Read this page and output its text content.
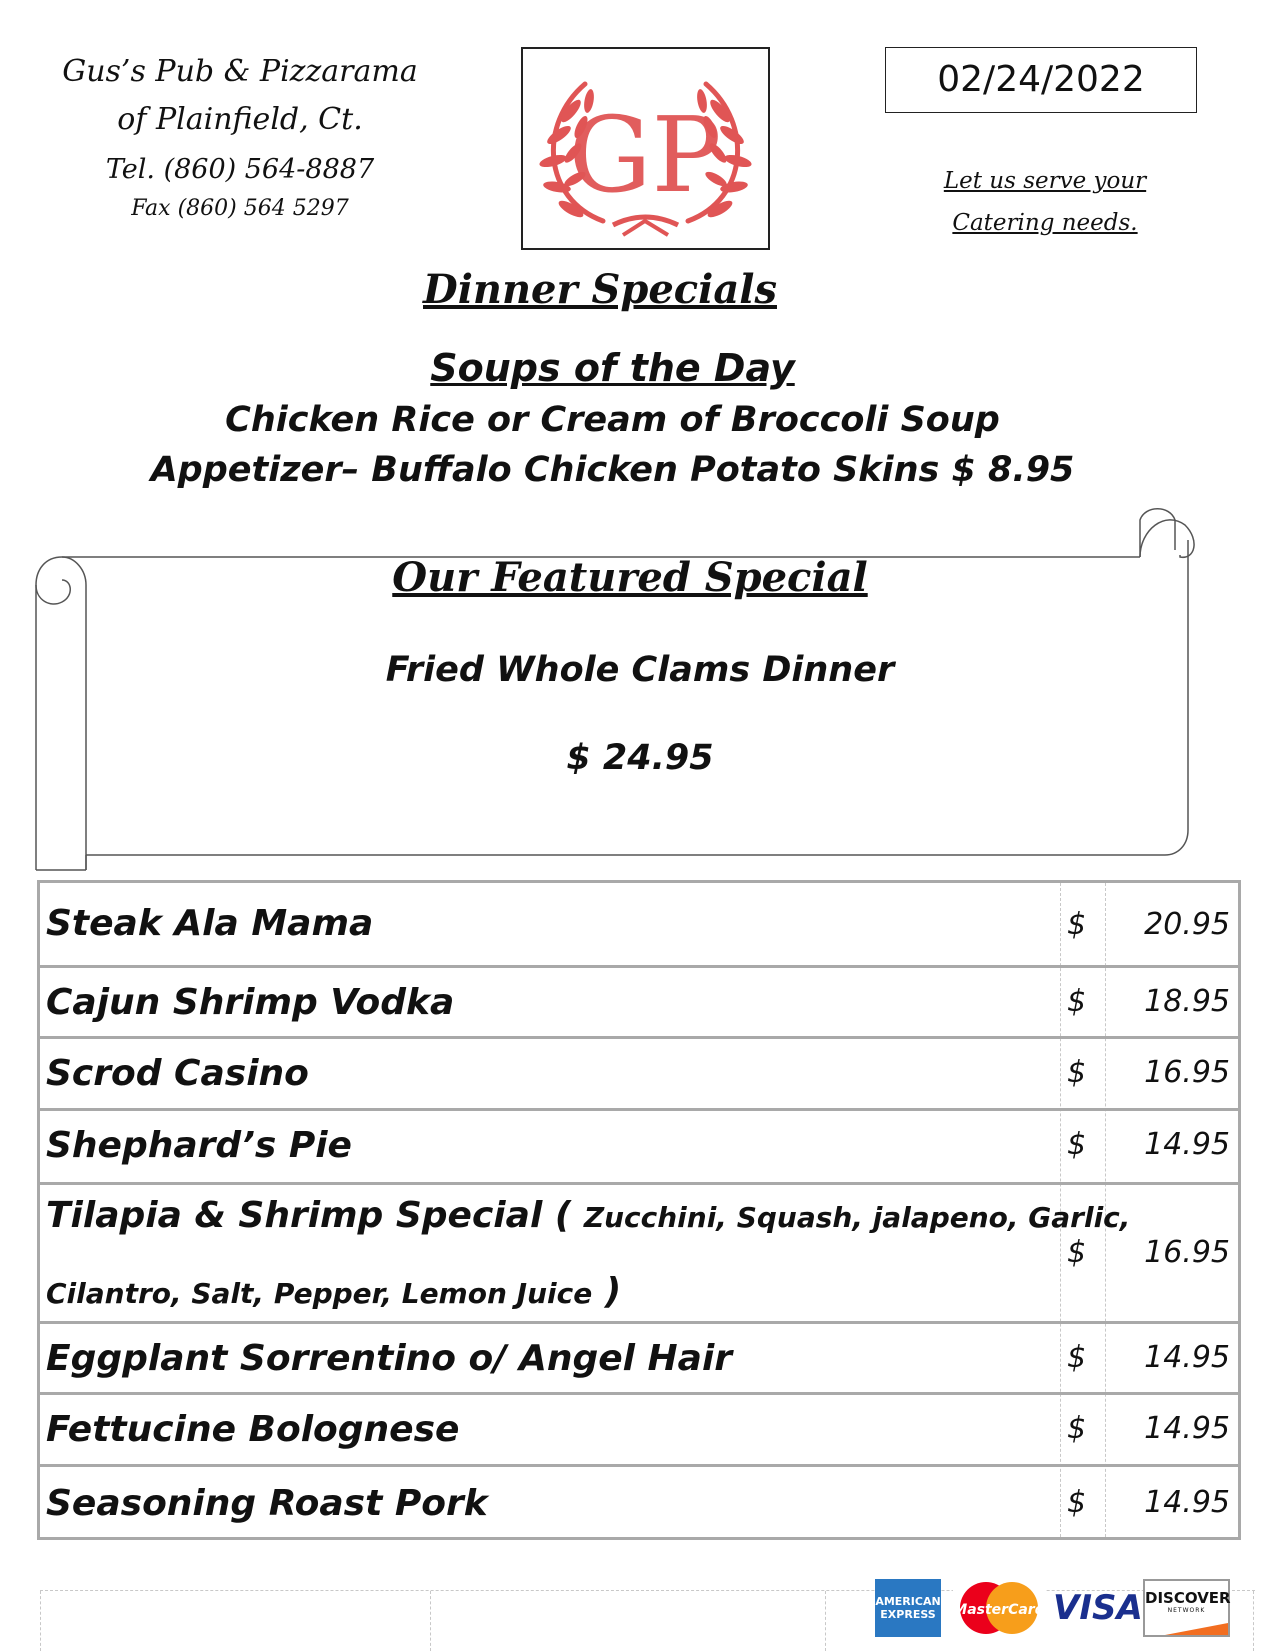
Gus’s Pub & Pizzarama
of Plainfield, Ct.
Tel. (860) 564-8887
Fax (860) 564 5297	GP
02/24/2022
Let us serve your
Catering needs.
Dinner Specials
Soups of the Day
Chicken Rice or Cream of Broccoli Soup
Appetizer– Buffalo Chicken Potato Skins $ 8.95
Our Featured Special
Fried Whole Clams Dinner
$ 24.95
Steak Ala Mama	$	20.95
Cajun Shrimp Vodka	$	18.95
Scrod Casino	$	16.95
Shephard’s Pie	$	14.95
Tilapia & Shrimp Special ( Zucchini, Squash, jalapeno, Garlic,
Cilantro, Salt, Pepper, Lemon Juice )
$	16.95
Eggplant Sorrentino o/ Angel Hair	$	14.95
Fettucine Bolognese	$	14.95
Seasoning Roast Pork	$	14.95
AMERICAN
EXPRESS	MasterCard VISA DISCOVER
NETWORK
